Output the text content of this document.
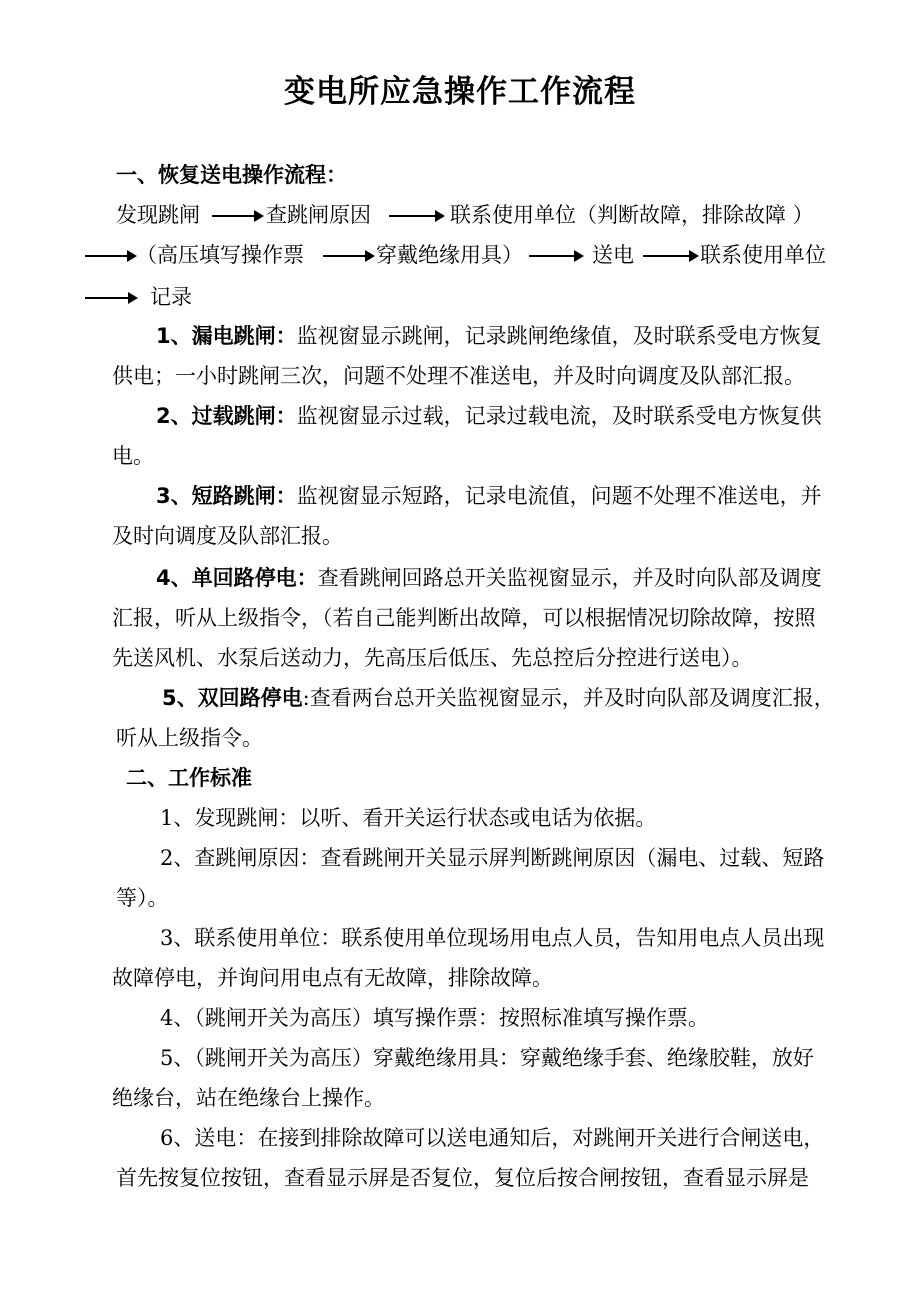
变电所应急操作工作流程
一、恢复送电操作流程：
发现跳闸	查跳闸原因	联系使用单位（判断故障，排除故障 ）
（高压填写操作票	穿戴绝缘用具）	送电	联系使用单位
记录
1、漏电跳闸：监视窗显示跳闸，记录跳闸绝缘值，及时联系受电方恢复
供电；一小时跳闸三次，问题不处理不准送电，并及时向调度及队部汇报。
2、过载跳闸：监视窗显示过载，记录过载电流，及时联系受电方恢复供
电。
3、短路跳闸：监视窗显示短路，记录电流值，问题不处理不准送电，并
及时向调度及队部汇报。
4、单回路停电：查看跳闸回路总开关监视窗显示，并及时向队部及调度
汇报，听从上级指令，（若自己能判断出故障，可以根据情况切除故障，按照
先送风机、水泵后送动力，先高压后低压、先总控后分控进行送电）。
5、双回路停电:查看两台总开关监视窗显示，并及时向队部及调度汇报，
听从上级指令。
二、工作标准
1、发现跳闸：以听、看开关运行状态或电话为依据。
2、查跳闸原因：查看跳闸开关显示屏判断跳闸原因（漏电、过载、短路
等）。
3、联系使用单位：联系使用单位现场用电点人员，告知用电点人员出现
故障停电，并询问用电点有无故障，排除故障。
4、（跳闸开关为高压）填写操作票：按照标准填写操作票。
5、（跳闸开关为高压）穿戴绝缘用具：穿戴绝缘手套、绝缘胶鞋，放好
绝缘台，站在绝缘台上操作。
6、送电：在接到排除故障可以送电通知后，对跳闸开关进行合闸送电，
首先按复位按钮，查看显示屏是否复位，复位后按合闸按钮，查看显示屏是
